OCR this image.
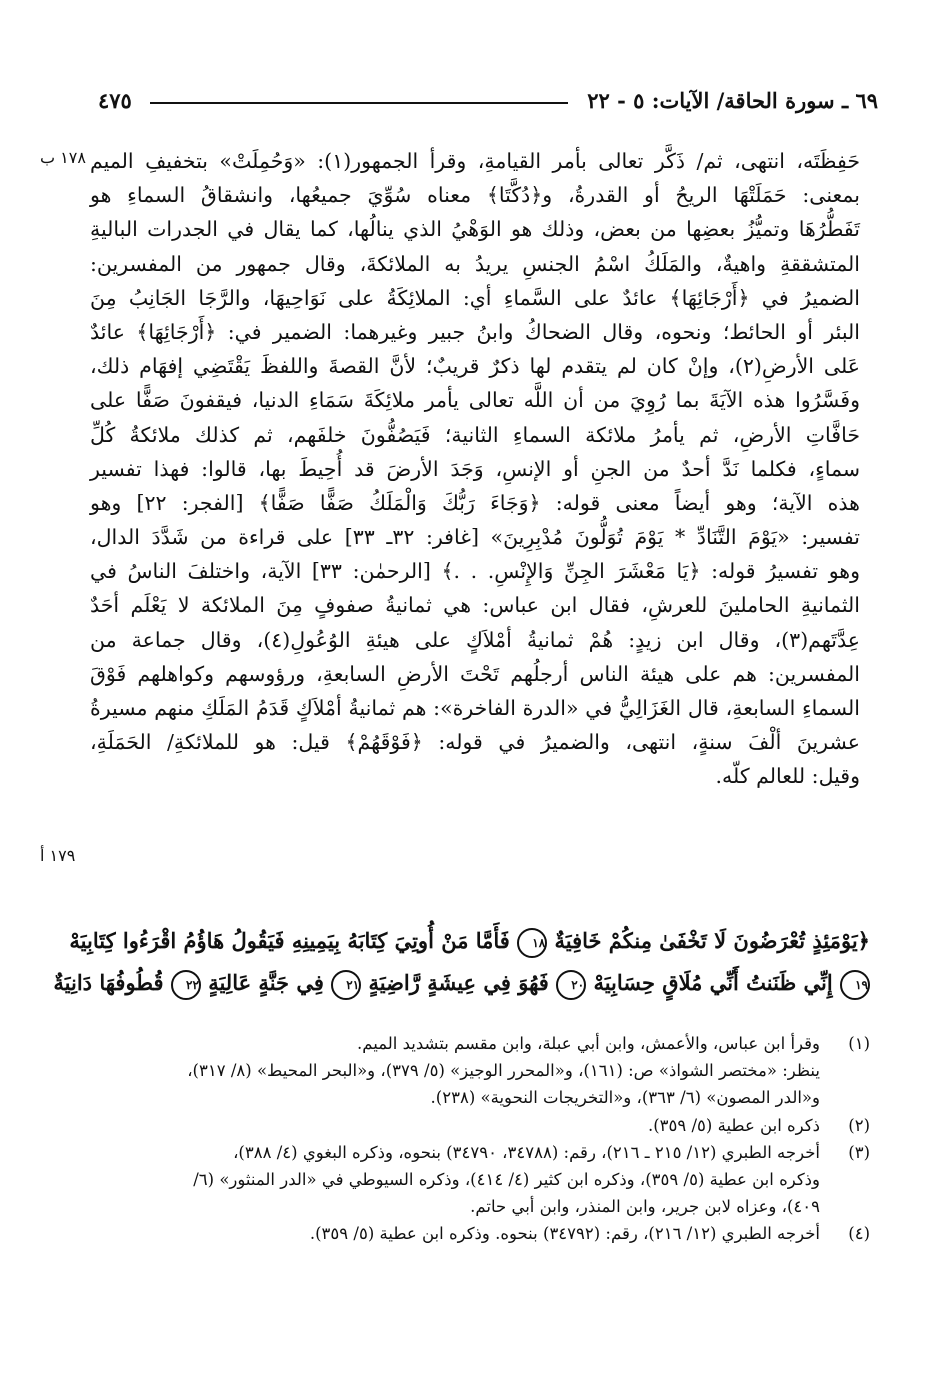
٦٩ ـ سورة الحاقة/ الآيات: ٥ - ٢٢
٤٧٥
١٧٨ ب
١٧٩ أ
حَفِظَتَه، انتهى، ثم/ ذَكَّر تعالى بأمر القيامةِ، وقرأ الجمهور(١): «وَحُمِلَتْ» بتخفيفِ الميم
بمعنى: حَمَلَتْهَا الريحُ أو القدرةُ، و﴿دُكَّتَا﴾ معناه سُوِّيَ جميعُها، وانشقاقُ السماءِ هو
تَفَطُّرُهَا وتميُّزُ بعضِها من بعض، وذلك هو الوَهْيُ الذي ينالُها، كما يقال في الجدرات الباليةِ
المتشققةِ واهيةٌ، والمَلَكُ اسْمُ الجنسِ يريدُ به الملائكةَ، وقال جمهور من المفسرين:
الضميرُ في ﴿أَرْجَائِهَا﴾ عائدٌ على السَّماءِ أي: الملائِكَةُ على نَوَاحِيهَا، والرَّجَا الجَانِبُ مِنَ
البئر أو الحائط؛ ونحوه، وقال الضحاكُ وابنُ جبير وغيرهما: الضمير في: ﴿أَرْجَائِهَا﴾ عائدٌ
عَلى الأرضِ(٢)، وإنْ كان لم يتقدم لها ذكرٌ قريبٌ؛ لأنَّ القصةَ واللفظَ يَقْتَضِي إفهَام ذلك،
وفَسَّرُوا هذه الآيَةَ بما رُوِيَ من أن اللَّه تعالى يأمر ملائِكَةَ سَمَاءِ الدنيا، فيقفونَ صَفًّا على
حَافَّاتِ الأرضِ، ثم يأمرُ ملائكة السماءِ الثانية؛ فَيَصُفُّونَ خلفَهم، ثم كذلك ملائكةُ كُلِّ
سماءٍ، فكلما نَدَّ أحدٌ من الجنِ أو الإنسِ، وَجَدَ الأرضَ قد أُحِيطَ بها، قالوا: فهذا تفسير
هذه الآية؛ وهو أيضاً معنى قوله: ﴿وَجَاءَ رَبُّكَ وَالْمَلَكُ صَفًّا صَفًّا﴾ [الفجر: ٢٢] وهو
تفسير: «يَوْمَ التَّنَادِّ * يَوْمَ تُوَلُّونَ مُدْبِرِينَ» [غافر: ٣٢ـ ٣٣] على قراءة من شَدَّدَ الدال،
وهو تفسيرُ قوله: ﴿يَا مَعْشَرَ الجِنِّ وَالإِنْسِ. . .﴾ [الرحمٰن: ٣٣] الآية، واختلفَ الناسُ في
الثمانيةِ الحاملينَ للعرشِ، فقال ابن عباس: هي ثمانيةُ صفوفٍ مِنَ الملائكة لا يَعْلَم أحَدٌ
عِدَّتَهم(٣)، وقال ابن زيدٍ: هُمْ ثمانيةُ أمْلاَكٍ على هيئةِ الوُعُولِ(٤)، وقال جماعة من
المفسرين: هم على هيئة الناس أرجلُهم تَحْتَ الأرضِ السابعةِ، ورؤوسهم وكواهلهم فَوْقَ
السماءِ السابعةِ، قال الغَزَالِيُّ في «الدرة الفاخرة»: هم ثمانيةُ أمْلاَكٍ قَدَمُ المَلَكِ منهم مسيرةُ
عشرينَ ألْفَ سنةٍ، انتهى، والضميرُ في قوله: ﴿فَوْقَهُمْ﴾ قيل: هو للملائكةِ/ الحَمَلَةِ،
وقيل: للعالم كلّه.
﴿يَوْمَئِذٍ تُعْرَضُونَ لَا تَخْفَىٰ مِنكُمْ خَافِيَةٌ ١٨ فَأَمَّا مَنْ أُوتِيَ كِتَابَهُ بِيَمِينِهِ فَيَقُولُ هَاؤُمُ اقْرَءُوا كِتَابِيَهْ
١٩ إِنِّي ظَنَنتُ أَنِّي مُلَاقٍ حِسَابِيَهْ ٢٠ فَهُوَ فِي عِيشَةٍ رَّاضِيَةٍ ٢١ فِي جَنَّةٍ عَالِيَةٍ ٢٢ قُطُوفُهَا دَانِيَةٌ
(١)
وقرأ ابن عباس، والأعمش، وابن أبي عبلة، وابن مقسم بتشديد الميم.
ينظر: «مختصر الشواذ» ص: (١٦١)، و«المحرر الوجيز» (٥/ ٣٧٩)، و«البحر المحيط» (٨/ ٣١٧)،
و«الدر المصون» (٦/ ٣٦٣)، و«التخريجات النحوية» (٢٣٨).
(٢)
ذكره ابن عطية (٥/ ٣٥٩).
(٣)
أخرجه الطبري (١٢/ ٢١٥ ـ ٢١٦)، رقم: (٣٤٧٨٨، ٣٤٧٩٠) بنحوه، وذكره البغوي (٤/ ٣٨٨)،
وذكره ابن عطية (٥/ ٣٥٩)، وذكره ابن كثير (٤/ ٤١٤)، وذكره السيوطي في «الدر المنثور» (٦/
٤٠٩)، وعزاه لابن جرير، وابن المنذر، وابن أبي حاتم.
(٤)
أخرجه الطبري (١٢/ ٢١٦)، رقم: (٣٤٧٩٢) بنحوه. وذكره ابن عطية (٥/ ٣٥٩).
